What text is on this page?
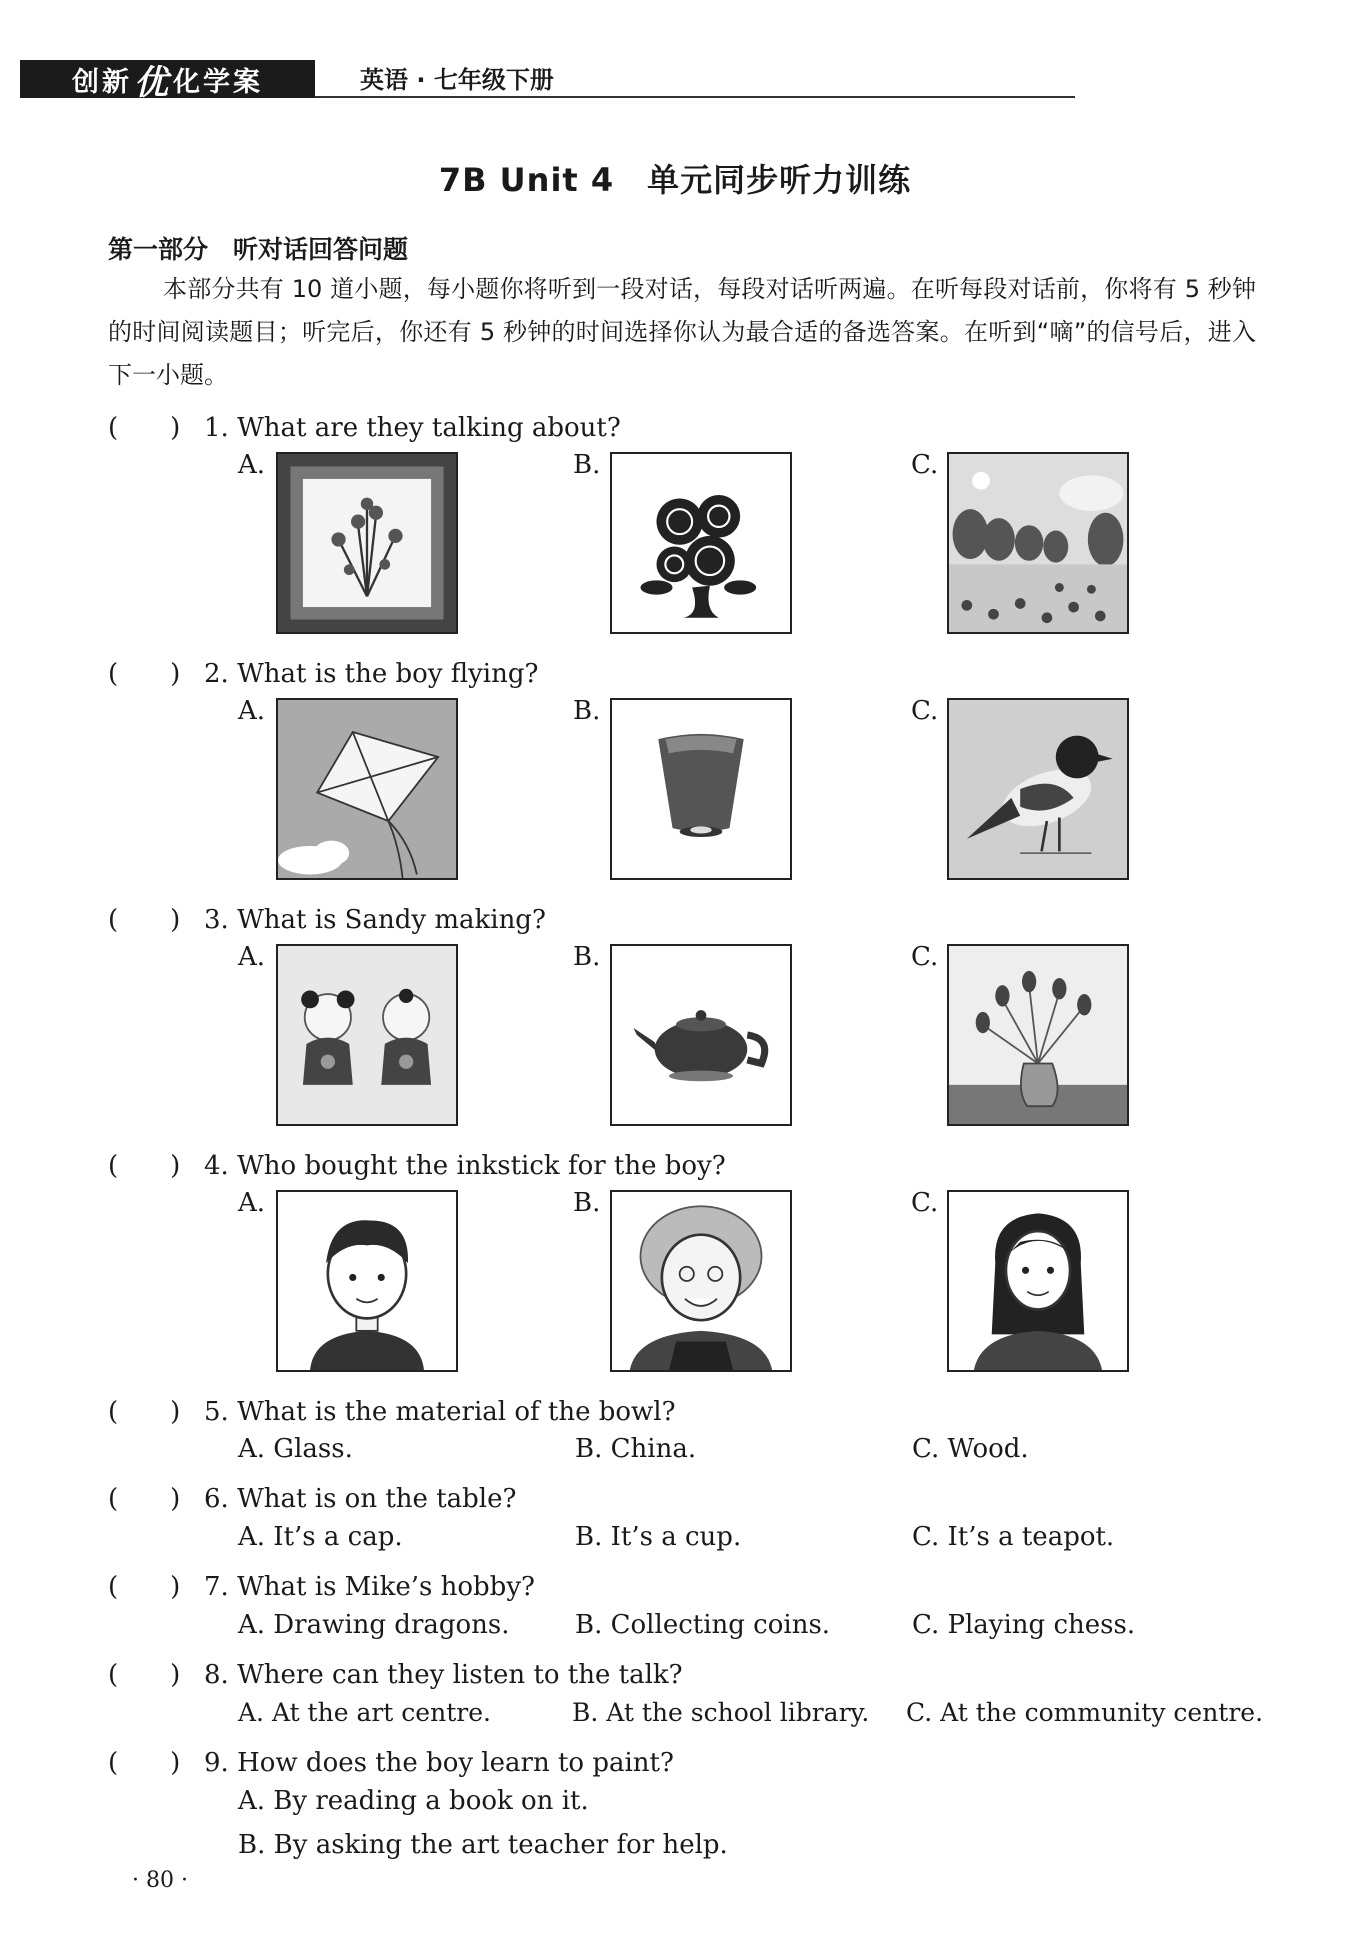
创新 优 化学案	英语 · 七年级下册
7B Unit 4　单元同步听力训练
第一部分　听对话回答问题

本部分共有 10 道小题，每小题你将听到一段对话，每段对话听两遍。在听每段对话前，你将有 5 秒钟的时间阅读题目；听完后，你还有 5 秒钟的时间选择你认为最合适的备选答案。在听到“嘀”的信号后，进入下一小题。

(　　) 1. What are they talking about?
A.	B.	C.
(　　) 2. What is the boy flying?
A.	B.	C.
(　　) 3. What is Sandy making?
A.	B.	C.
(　　) 4. Who bought the inkstick for the boy?
A.	B.	C.
(　　) 5. What is the material of the bowl?
A. Glass.	B. China.	C. Wood.
(　　) 6. What is on the table?
A. It’s a cap.	B. It’s a cup.	C. It’s a teapot.
(　　) 7. What is Mike’s hobby?
A. Drawing dragons.	B. Collecting coins.	C. Playing chess.
(　　) 8. Where can they listen to the talk?
A. At the art centre.	B. At the school library. C. At the community centre.
(　　) 9. How does the boy learn to paint?
A. By reading a book on it.
B. By asking the art teacher for help.
· 80 ·
